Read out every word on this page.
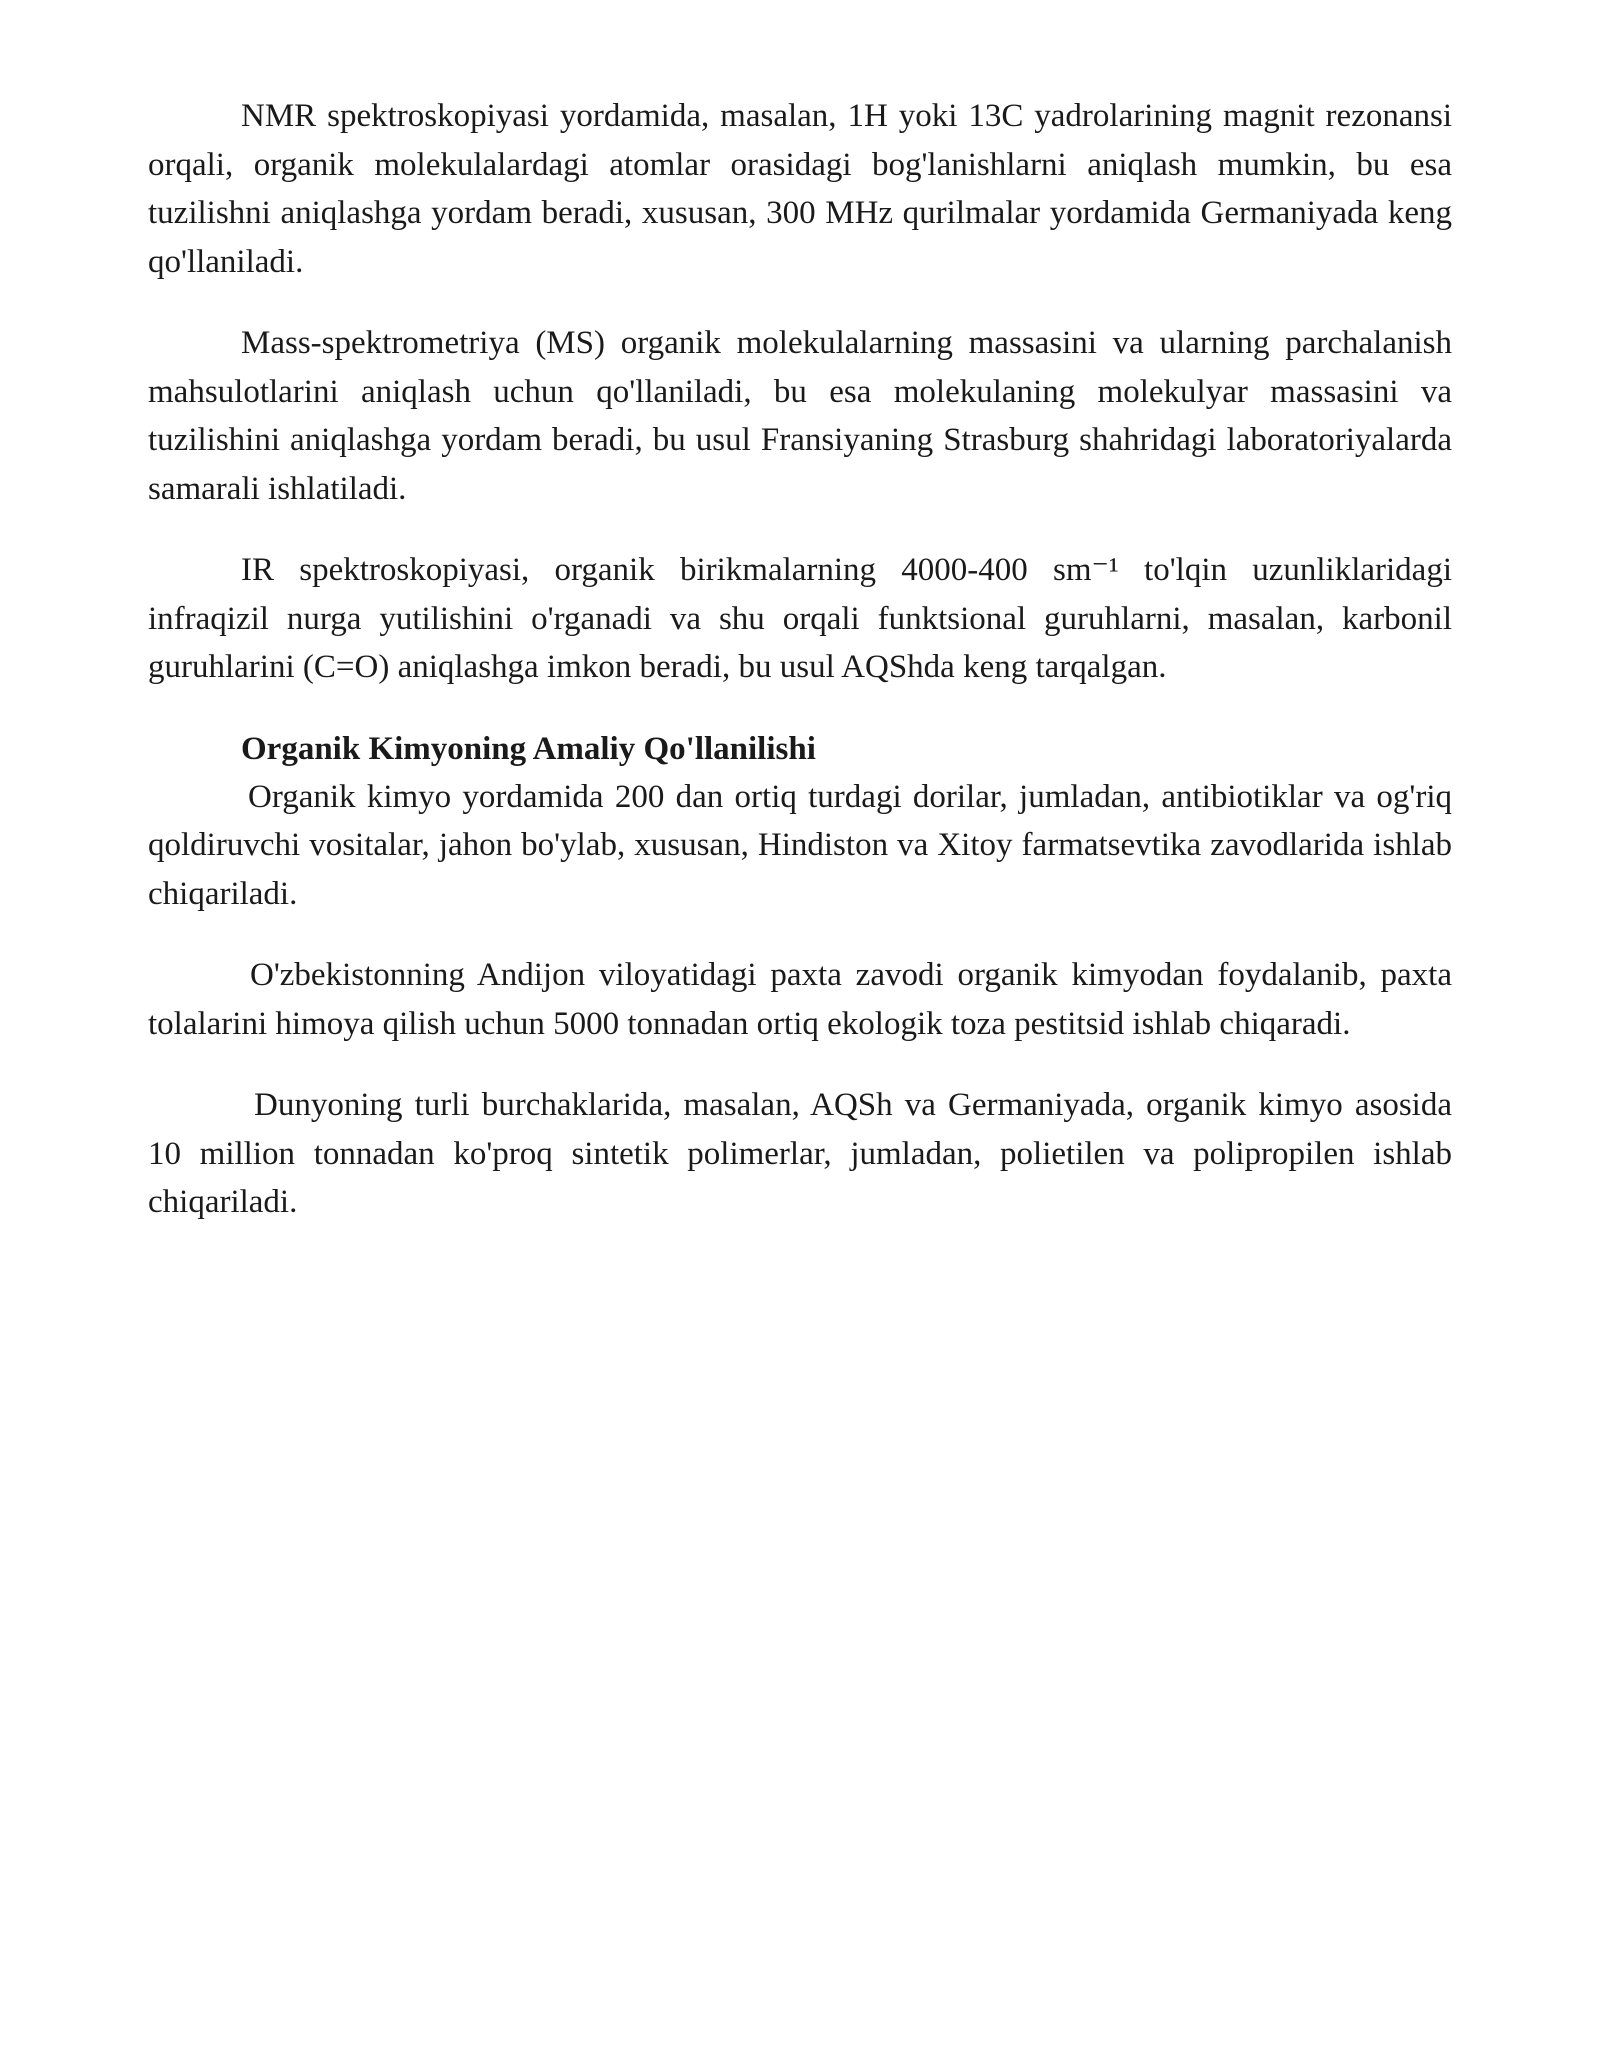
NMR spektroskopiyasi yordamida, masalan, 1H yoki 13C yadrolarining magnit rezonansi orqali, organik molekulalardagi atomlar orasidagi bog'lanishlarni aniqlash mumkin, bu esa tuzilishni aniqlashga yordam beradi, xususan, 300 MHz qurilmalar yordamida Germaniyada keng qo'llaniladi.

Mass-spektrometriya (MS) organik molekulalarning massasini va ularning parchalanish mahsulotlarini aniqlash uchun qo'llaniladi, bu esa molekulaning molekulyar massasini va tuzilishini aniqlashga yordam beradi, bu usul Fransiyaning Strasburg shahridagi laboratoriyalarda samarali ishlatiladi.

IR spektroskopiyasi, organik birikmalarning 4000-400 sm⁻¹ to'lqin uzunliklaridagi infraqizil nurga yutilishini o'rganadi va shu orqali funktsional guruhlarni, masalan, karbonil guruhlarini (C=O) aniqlashga imkon beradi, bu usul AQShda keng tarqalgan.

Organik Kimyoning Amaliy Qo'llanilishi

Organik kimyo yordamida 200 dan ortiq turdagi dorilar, jumladan, antibiotiklar va og'riq qoldiruvchi vositalar, jahon bo'ylab, xususan, Hindiston va Xitoy farmatsevtika zavodlarida ishlab chiqariladi.

O'zbekistonning Andijon viloyatidagi paxta zavodi organik kimyodan foydalanib, paxta tolalarini himoya qilish uchun 5000 tonnadan ortiq ekologik toza pestitsid ishlab chiqaradi.

Dunyoning turli burchaklarida, masalan, AQSh va Germaniyada, organik kimyo asosida 10 million tonnadan ko'proq sintetik polimerlar, jumladan, polietilen va polipropilen ishlab chiqariladi.
